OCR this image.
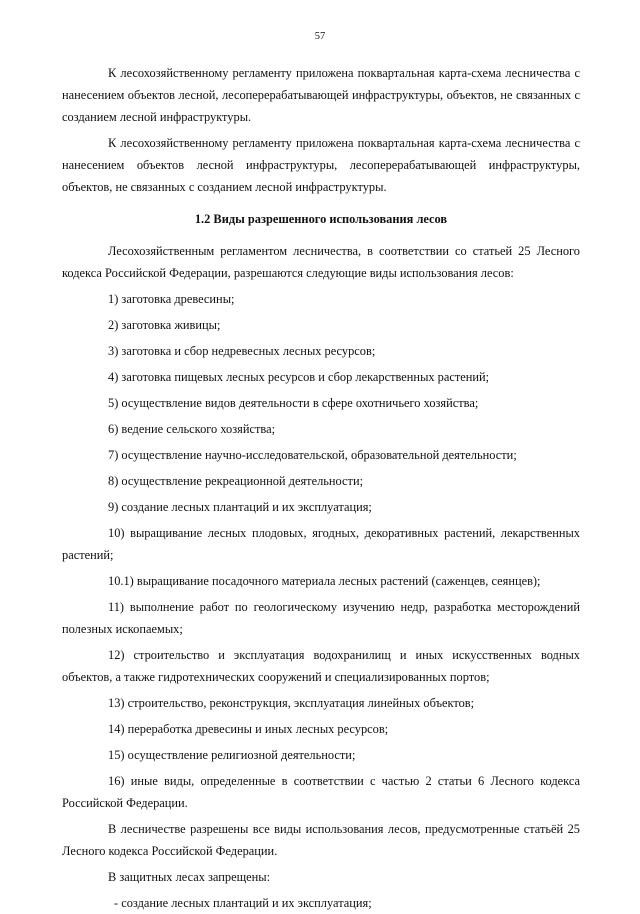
57

К лесохозяйственному регламенту приложена поквартальная карта-схема лесничества с нанесением объектов лесной, лесоперерабатывающей инфраструктуры, объектов, не связанных с созданием лесной инфраструктуры.

К лесохозяйственному регламенту приложена поквартальная карта-схема лесничества с нанесением объектов лесной инфраструктуры, лесоперерабатывающей инфраструктуры, объектов, не связанных с созданием лесной инфраструктуры.

1.2 Виды разрешенного использования лесов

Лесохозяйственным регламентом лесничества, в соответствии со статьей 25 Лесного кодекса Российской Федерации, разрешаются следующие виды использования лесов:

1) заготовка древесины;

2) заготовка живицы;

3) заготовка и сбор недревесных лесных ресурсов;

4) заготовка пищевых лесных ресурсов и сбор лекарственных растений;

5) осуществление видов деятельности в сфере охотничьего хозяйства;

6) ведение сельского хозяйства;

7) осуществление научно-исследовательской, образовательной деятельности;

8) осуществление рекреационной деятельности;

9) создание лесных плантаций и их эксплуатация;

10) выращивание лесных плодовых, ягодных, декоративных растений, лекарственных растений;

10.1) выращивание посадочного материала лесных растений (саженцев, сеянцев);

11) выполнение работ по геологическому изучению недр, разработка месторождений полезных ископаемых;

12) строительство и эксплуатация водохранилищ и иных искусственных водных объектов, а также гидротехнических сооружений и специализированных портов;

13) строительство, реконструкция, эксплуатация линейных объектов;

14) переработка древесины и иных лесных ресурсов;

15) осуществление религиозной деятельности;

16) иные виды, определенные в соответствии с частью 2 статьи 6 Лесного кодекса Российской Федерации.

В лесничестве разрешены все виды использования лесов, предусмотренные статьёй 25 Лесного кодекса Российской Федерации.

В защитных лесах запрещены:

- создание лесных плантаций и их эксплуатация;
